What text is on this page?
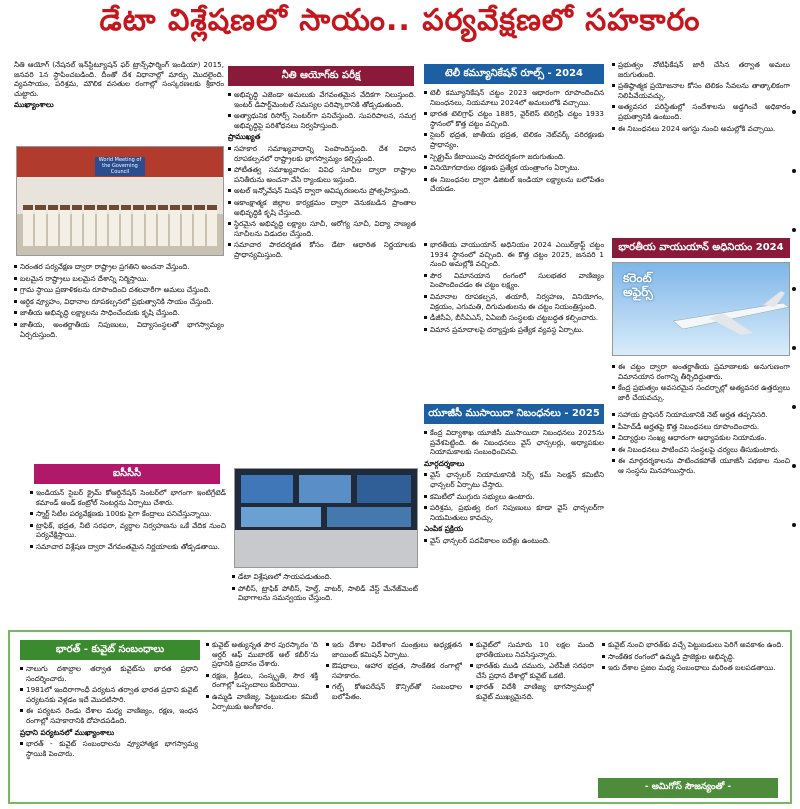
డేటా విశ్లేషణలో సాయం.. పర్యవేక్షణలో సహకారం
నీతి ఆయోగ్‌కు పరీక్ష

నీతి ఆయోగ్ (నేషనల్ ఇన్‌స్టిట్యూషన్ ఫర్ ట్రాన్స్‌ఫార్మింగ్ ఇండియా) 2015, జనవరి 1న స్థాపించబడింది. దీంతో దేశ విధానాల్లో మార్పు మొదలైంది. వ్యవసాయం, పరిశ్రమ, మౌలిక వసతుల రంగాల్లో సంస్కరణలకు శ్రీకారం చుట్టారు.

ముఖ్యాంశాలు

World Meeting of the Governing Council

నిరంతర పర్యవేక్షణ ద్వారా రాష్ట్రాల ప్రగతిని అంచనా వేస్తుంది.

బలమైన రాష్ట్రాలు బలమైన దేశాన్ని నిర్మిస్తాయి.

గ్రామ స్థాయి ప్రణాళికలను రూపొందించి దశలవారీగా అమలు చేస్తుంది.

ఆర్థిక వ్యూహం, విధానాల రూపకల్పనలో ప్రభుత్వానికి సాయం చేస్తుంది.

జాతీయ అభివృద్ధి లక్ష్యాలను సాధించేందుకు కృషి చేస్తుంది.

జాతీయ, అంతర్జాతీయ నిపుణులు, విద్యాసంస్థలతో భాగస్వామ్యం ఏర్పరుస్తుంది.

అభివృద్ధి ఎజెండా అమలుకు వేగవంతమైన వేదికగా నిలుస్తుంది. ఇంటర్ డిపార్ట్‌మెంటల్ సమస్యల పరిష్కారానికి తోడ్పడుతుంది.

అత్యాధునిక రిసోర్స్ సెంటర్‌గా పనిచేస్తుంది. సుపరిపాలన, సమగ్ర అభివృద్ధిపై పరిశోధనలు నిర్వహిస్తుంది.

ప్రాముఖ్యత

సహకార సమాఖ్యవాదాన్ని పెంపొందిస్తుంది. దేశ విధాన రూపకల్పనలో రాష్ట్రాలకు భాగస్వామ్యం కల్పిస్తుంది.

పోటీతత్వ సమాఖ్యవాదం: వివిధ సూచీల ద్వారా రాష్ట్రాల పనితీరును అంచనా వేసి ర్యాంకులు ఇస్తుంది.

అటల్ ఇన్నోవేషన్ మిషన్ ద్వారా ఆవిష్కరణలను ప్రోత్సహిస్తుంది.

ఆకాంక్షాత్మక జిల్లాల కార్యక్రమం ద్వారా వెనుకబడిన ప్రాంతాల అభివృద్ధికి కృషి చేస్తుంది.

స్థిరమైన అభివృద్ధి లక్ష్యాల సూచీ, ఆరోగ్య సూచీ, విద్యా నాణ్యత సూచీలను విడుదల చేస్తుంది.

సమాచార పారదర్శకత కోసం డేటా ఆధారిత నిర్ణయాలకు ప్రాధాన్యమిస్తుంది.

ఐసీసీసీ

ఇండియన్ సైబర్ క్రైమ్ కోఆర్డినేషన్ సెంటర్‌లో భాగంగా ఇంటిగ్రేటెడ్ కమాండ్ అండ్ కంట్రోల్ సెంటర్లను ఏర్పాటు చేశారు.

స్మార్ట్ సిటీల పర్యవేక్షణకు 100కు పైగా కేంద్రాలు పనిచేస్తున్నాయి.

ట్రాఫిక్, భద్రత, నీటి సరఫరా, వ్యర్థాల నిర్వహణను ఒకే వేదిక నుంచి పర్యవేక్షిస్తాయి.

సమాచార విశ్లేషణ ద్వారా వేగవంతమైన నిర్ణయాలకు తోడ్పడతాయి.

డేటా విశ్లేషణలో సాయపడుతుంది.

పోలీస్, ట్రాఫిక్ పోలీస్, హెల్త్, వాటర్, సాలిడ్ వేస్ట్ మేనేజ్‌మెంట్ విభాగాలను సమన్వయం చేస్తుంది.

టెలీ కమ్యూనికేషన్ రూల్స్ - 2024

టెలీ కమ్యూనికేషన్ చట్టం 2023 ఆధారంగా రూపొందించిన నిబంధనలు, నియమాలు 2024లో అమలులోకి వచ్చాయి.

భారత టెలిగ్రాఫ్ చట్టం 1885, వైర్‌లెస్ టెలిగ్రఫీ చట్టం 1933 స్థానంలో కొత్త చట్టం వచ్చింది.

సైబర్ భద్రత, జాతీయ భద్రత, టెలికం నెట్‌వర్క్ పరిరక్షణకు ప్రాధాన్యం.

స్పెక్ట్రమ్ కేటాయింపు పారదర్శకంగా జరుగుతుంది.

వినియోగదారుల రక్షణకు ప్రత్యేక యంత్రాంగం ఏర్పాటు.

ఈ నిబంధనల ద్వారా డిజిటల్ ఇండియా లక్ష్యాలను బలోపేతం చేయడం.

ప్రభుత్వం నోటిఫికేషన్ జారీ చేసిన తర్వాత అమలు జరుగుతుంది.

ప్రతిష్ఠాత్మక ప్రయోజనాల కోసం టెలికం సేవలను తాత్కాలికంగా నిలిపివేయవచ్చు.

అత్యవసర పరిస్థితుల్లో సందేశాలను అడ్డగించే అధికారం ప్రభుత్వానికి ఉంటుంది.

ఈ నిబంధనలు 2024 ఆగస్టు నుంచి అమల్లోకి వచ్చాయి.

భారతీయ వాయుయాన్ అధినియం 2024
కరెంట్
అఫైర్స్

భారతీయ వాయుయాన్ అధినియం 2024 ఎయిర్‌క్రాఫ్ట్ చట్టం 1934 స్థానంలో వచ్చింది. ఈ కొత్త చట్టం 2025, జనవరి 1 నుంచి అమల్లోకి వచ్చింది.

పౌర విమానయాన రంగంలో సులభతర వాణిజ్యం పెంపొందించడం ఈ చట్టం లక్ష్యం.

విమానాల రూపకల్పన, తయారీ, నిర్వహణ, వినియోగం, విక్రయం, ఎగుమతి, దిగుమతులను ఈ చట్టం నియంత్రిస్తుంది.

డీజీసీఏ, బీసీఏఎస్, ఏఏఐబీ సంస్థలకు చట్టబద్ధత కల్పించారు.

విమాన ప్రమాదాలపై దర్యాప్తుకు ప్రత్యేక వ్యవస్థ ఏర్పాటు.

ఈ చట్టం ద్వారా అంతర్జాతీయ ప్రమాణాలకు అనుగుణంగా విమానయాన రంగాన్ని తీర్చిదిద్దుతారు.

కేంద్ర ప్రభుత్వం అవసరమైన సందర్భాల్లో అత్యవసర ఉత్తర్వులు జారీ చేయవచ్చు.

యూజీసీ ముసాయిదా నిబంధనలు - 2025

కేంద్ర విద్యాశాఖ యూజీసీ ముసాయిదా నిబంధనలు 2025ను ప్రవేశపెట్టింది. ఈ నిబంధనలు వైస్ ఛాన్సలర్లు, అధ్యాపకుల నియామకాలకు సంబంధించినవి.

మార్గదర్శకాలు

వైస్ ఛాన్సలర్ నియామకానికి సెర్చ్ కమ్ సెలక్షన్ కమిటీని ఛాన్సలర్ ఏర్పాటు చేస్తారు.

కమిటీలో ముగ్గురు సభ్యులు ఉంటారు.

పరిశ్రమ, ప్రభుత్వ రంగ నిపుణులు కూడా వైస్ ఛాన్సలర్‌గా నియమితులు కావచ్చు.

ఎంపిక ప్రక్రియ

వైస్ ఛాన్సలర్ పదవీకాలం ఐదేళ్లు ఉంటుంది.

సహాయ ప్రొఫెసర్ నియామకానికి నెట్ అర్హత తప్పనిసరి.

పీహెచ్‌డీ అర్హతపై కొత్త నిబంధనలు రూపొందించారు.

విద్యార్థుల సంఖ్య ఆధారంగా అధ్యాపకుల నియామకం.

ఈ నిబంధనలు పాటించని సంస్థలపై చర్యలు తీసుకుంటారు.

ఈ మార్గదర్శకాలను పాటించకపోతే యూజీసీ పథకాల నుంచి ఆ సంస్థను మినహాయిస్తారు.

భారత్ - కువైట్ సంబంధాలు

నాలుగు దశాబ్దాల తర్వాత కువైట్‌ను భారత ప్రధాని సందర్శించారు.

1981లో ఇందిరాగాంధీ పర్యటన తర్వాత భారత ప్రధాని కువైట్ పర్యటనకు వెళ్లడం ఇదే మొదటిసారి.

ఈ పర్యటన రెండు దేశాల మధ్య వాణిజ్యం, రక్షణ, ఇంధన రంగాల్లో సహకారానికి దోహదపడింది.

ప్రధాని పర్యటనలో ముఖ్యాంశాలు

భారత్ - కువైట్ సంబంధాలను వ్యూహాత్మక భాగస్వామ్య స్థాయికి పెంచారు.

కువైట్ అత్యున్నత పౌర పురస్కారం 'ది ఆర్డర్ ఆఫ్ ముబారక్ అల్ కబీర్'ను ప్రధానికి ప్రదానం చేశారు.

రక్షణ, క్రీడలు, సంస్కృతి, సౌర శక్తి రంగాల్లో ఒప్పందాలు కుదిరాయి.

ఉమ్మడి వాణిజ్య, పెట్టుబడుల కమిటీ ఏర్పాటుకు అంగీకారం.

ఇరు దేశాల విదేశాంగ మంత్రులు అధ్యక్షతన జాయింట్ కమిషన్ ఏర్పాటు.

ఔషధాలు, ఆహార భద్రత, సాంకేతిక రంగాల్లో సహకారం.

గల్ఫ్ కోఆపరేషన్ కౌన్సిల్‌తో సంబంధాల బలోపేతం.

కువైట్‌లో సుమారు 10 లక్షల మంది భారతీయులు నివసిస్తున్నారు.

భారత్‌కు ముడి చమురు, ఎల్‌పీజీ సరఫరా చేసే ప్రధాన దేశాల్లో కువైట్ ఒకటి.

భారత్ విదేశీ వాణిజ్య భాగస్వాముల్లో కువైట్ ముఖ్యమైనది.

కువైట్ నుంచి భారత్‌కు వచ్చే పెట్టుబడులు పెరిగే అవకాశం ఉంది.

సాంకేతిక రంగంలో ఉమ్మడి ప్రాజెక్టుల అభివృద్ధి.

ఇరు దేశాల ప్రజల మధ్య సంబంధాలు మరింత బలపడతాయి.

- అమిగోస్ సౌజన్యంతో -
